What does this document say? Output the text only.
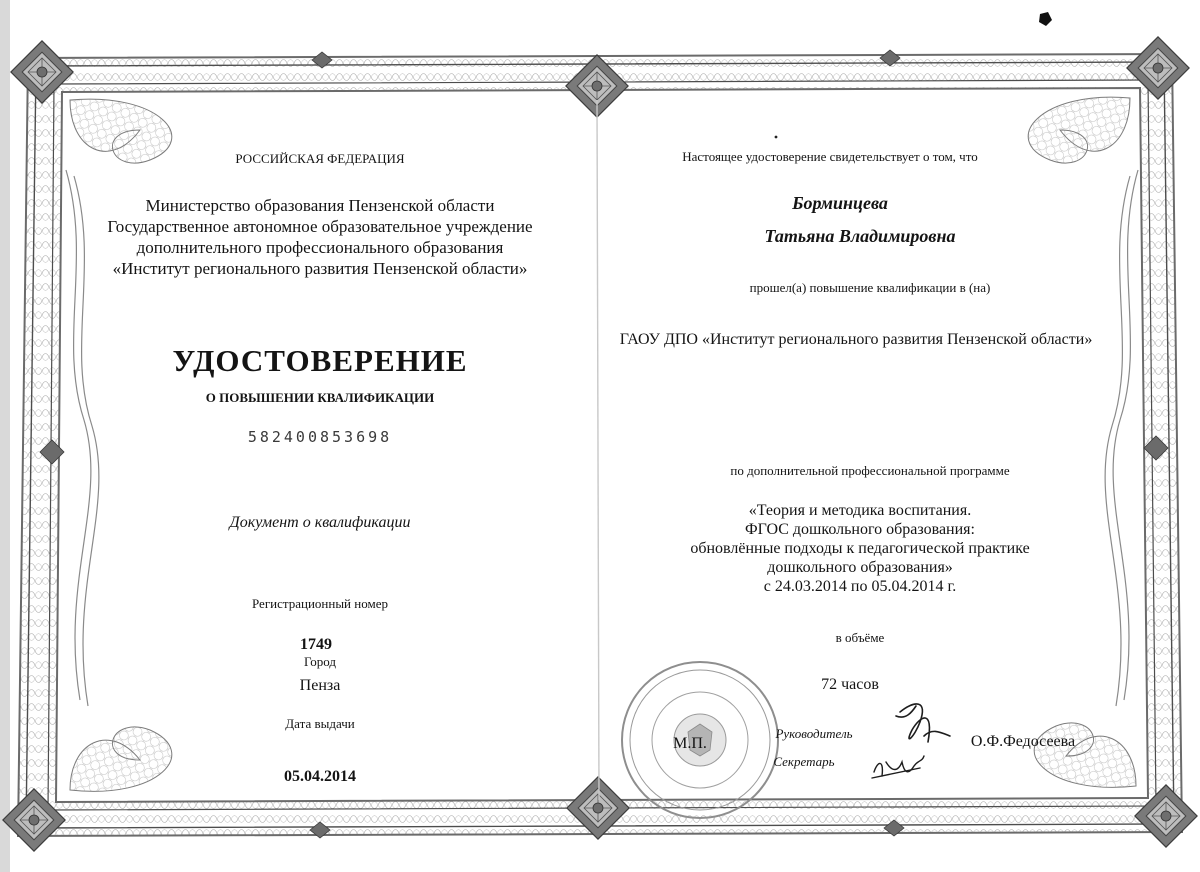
РОССИЙСКАЯ ФЕДЕРАЦИЯ
Министерство образования Пензенской области
Государственное автономное образовательное учреждение
дополнительного профессионального образования
«Институт регионального развития Пензенской области»
УДОСТОВЕРЕНИЕ
О ПОВЫШЕНИИ КВАЛИФИКАЦИИ
582400853698
Документ о квалификации
Регистрационный номер
1749
Город
Пенза
Дата выдачи
05.04.2014
Настоящее удостоверение свидетельствует о том, что
Борминцева
Татьяна Владимировна
прошел(а) повышение квалификации в (на)
ГАОУ ДПО «Институт регионального развития Пензенской области»
по дополнительной профессиональной программе
«Теория и методика воспитания.
ФГОС дошкольного образования:
обновлённые подходы к педагогической практике
дошкольного образования»
с 24.03.2014 по 05.04.2014 г.
в объёме
72 часов
М.П.
Руководитель	О.Ф.Федосеева
Секретарь
